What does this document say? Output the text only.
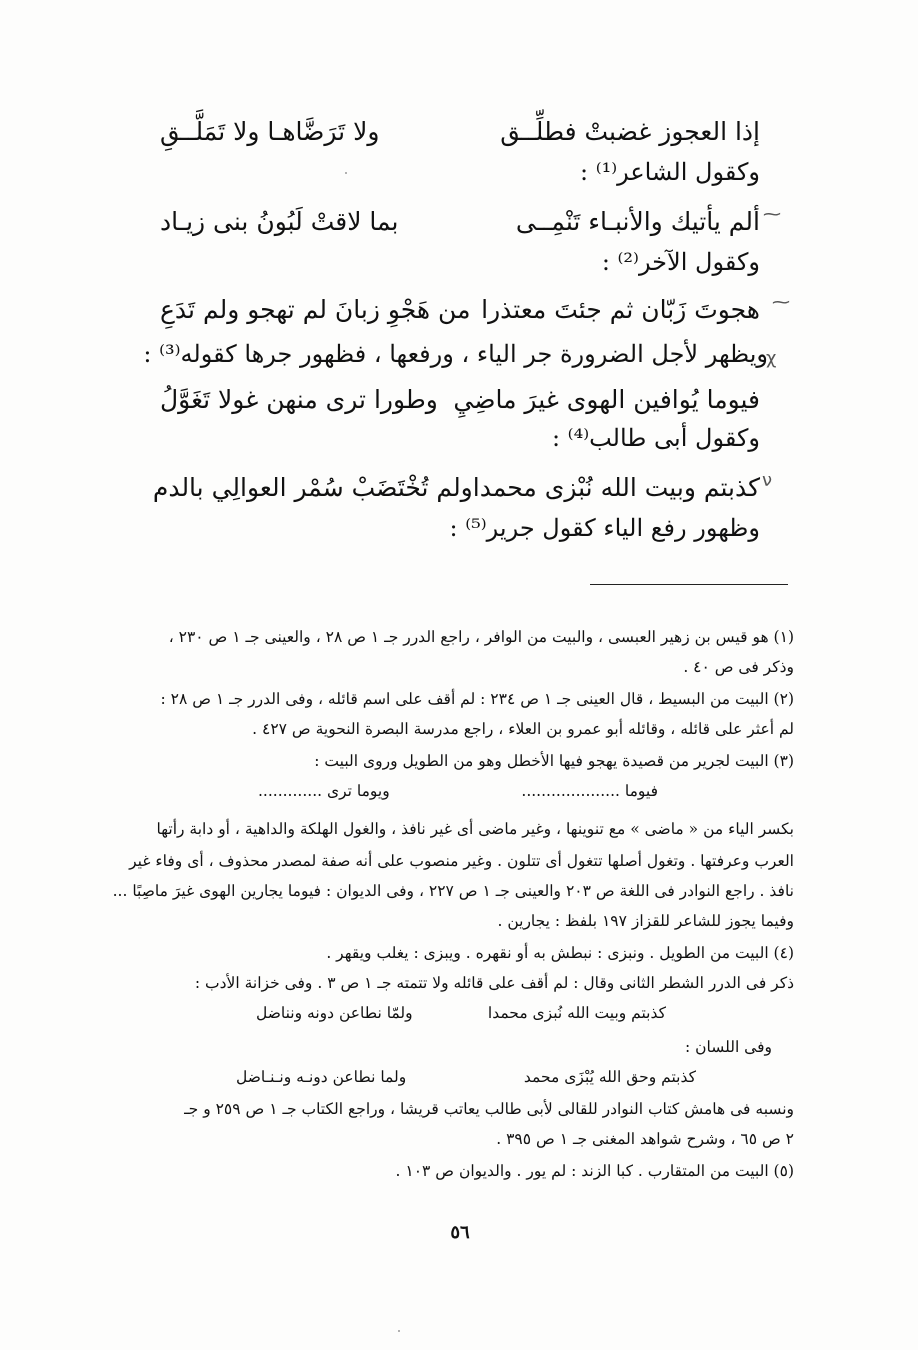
إذا العجوز غضبتْ فطلِّــق
ولا تَرَضَّاهـا ولا تَمَلَّــقِ
وكقول الشاعر⁽¹⁾ :
⁓
ألم يأتيك والأنبـاء تَنْمِــى
بما لاقتْ لَبُونُ بنى زيـاد
وكقول الآخر⁽²⁾ :
⁓
هجوتَ زَبّان ثم جئتَ معتذرا
من هَجْوِ زبانَ لم تهجو ولم تَدَعِ
χ
ويظهر لأجل الضرورة جر الياء ، ورفعها ، فظهور جرها كقوله⁽³⁾ :
فيوما يُوافين الهوى غيرَ ماضِيِ
وطورا ترى منهن غولا تَغَوَّلُ
وكقول أبى طالب⁽⁴⁾ :
ν
كذبتم وبيت الله نُبْزى محمدا
ولم تُخْتَضَبْ سُمْر العوالِي بالدم
وظهور رفع الياء كقول جرير⁽⁵⁾ :
(١) هو قيس بن زهير العبسى ، والبيت من الوافر ، راجع الدرر جـ ١ ص ٢٨ ، والعينى جـ ١ ص ٢٣٠ ،
وذكر فى ص ٤٠ .
(٢) البيت من البسيط ، قال العينى جـ ١ ص ٢٣٤ : لم أقف على اسم قائله ، وفى الدرر جـ ١ ص ٢٨ :
لم أعثر على قائله ، وقائله أبو عمرو بن العلاء ، راجع مدرسة البصرة النحوية ص ٤٢٧ .
(٣) البيت لجرير من قصيدة يهجو فيها الأخطل وهو من الطويل وروى البيت :
فيوما ....................
ويوما ترى .............
بكسر الياء من « ماضى » مع تنوينها ، وغير ماضى أى غير نافذ ، والغول الهلكة والداهية ، أو دابة رأتها
العرب وعرفتها . وتغول أصلها تتغول أى تتلون . وغير منصوب على أنه صفة لمصدر محذوف ، أى وفاء غير
نافذ . راجع النوادر فى اللغة ص ٢٠٣ والعينى جـ ١ ص ٢٢٧ ، وفى الديوان : فيوما يجارين الهوى غيرَ ماصِبًا ...
وفيما يجوز للشاعر للقزاز ١٩٧ بلفظ : يجارين .
(٤) البيت من الطويل . ونبزى : نبطش به أو نقهره . ويبزى : يغلب ويقهر .
ذكر فى الدرر الشطر الثانى وقال : لم أقف على قائله ولا تتمته جـ ١ ص ٣ . وفى خزانة الأدب :
كذبتم وبيت الله نُبزى محمدا
ولمّا نطاعن دونه ونناضل
وفى اللسان :
كذبتم وحق الله يُبْزَى محمد
ولما نطاعن دونـه ونـنـاضل
ونسبه فى هامش كتاب النوادر للقالى لأبى طالب يعاتب قريشا ، وراجع الكتاب جـ ١ ص ٢٥٩ و جـ
٢ ص ٦٥ ، وشرح شواهد المغنى جـ ١ ص ٣٩٥ .
(٥) البيت من المتقارب . كبا الزند : لم يور . والديوان ص ١٠٣ .
٥٦
